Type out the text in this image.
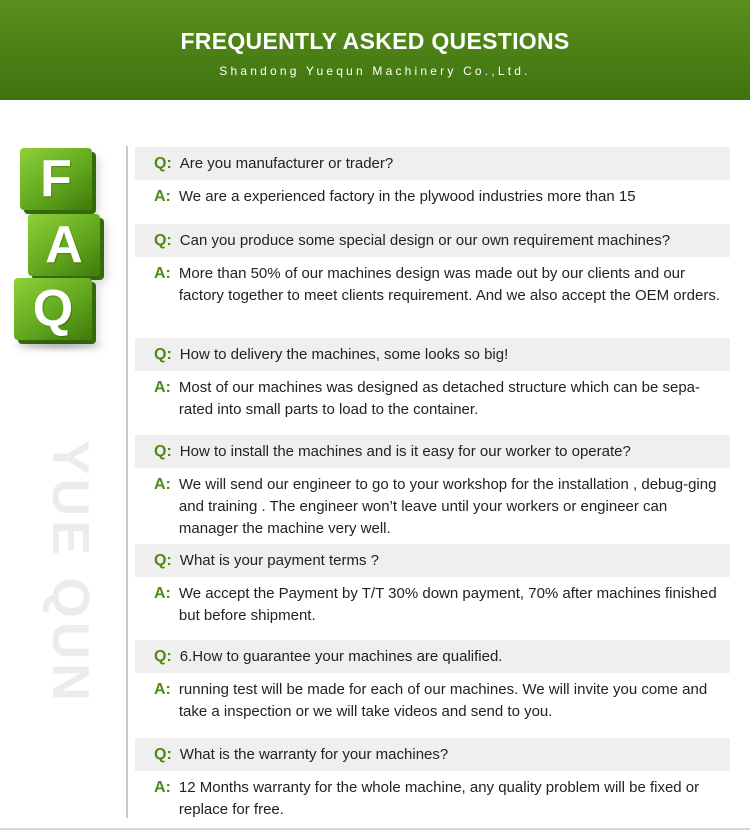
FREQUENTLY ASKED QUESTIONS
Shandong Yuequn Machinery Co.,Ltd.
F
A
Q
YUE QUN
Q: Are you manufacturer or trader?
A: We are a experienced factory in the plywood industries more than 15
Q: Can you produce some special design or our own requirement machines?
A: More than 50% of our machines design was made out by our clients and our factory together to meet clients requirement. And we also accept the OEM orders.
Q: How to delivery the machines, some looks so big!
A: Most of our machines was designed as detached structure which can be sepa-rated into small parts to load to the container.
Q: How to install the machines and is it easy for our worker to operate?
A: We will send our engineer to go to your workshop for the installation , debug-ging and training . The engineer won’t leave until your workers or engineer can manager the machine very well.
Q: What is your payment terms ?
A: We accept the Payment by T/T 30% down payment, 70% after machines finished but before shipment.
Q: 6.How to guarantee your machines are qualified.
A: running test will be made for each of our machines. We will invite you come and take a inspection or we will take videos and send to you.
Q: What is the warranty for your machines?
A: 12 Months warranty for the whole machine, any quality problem will be fixed or replace for free.
